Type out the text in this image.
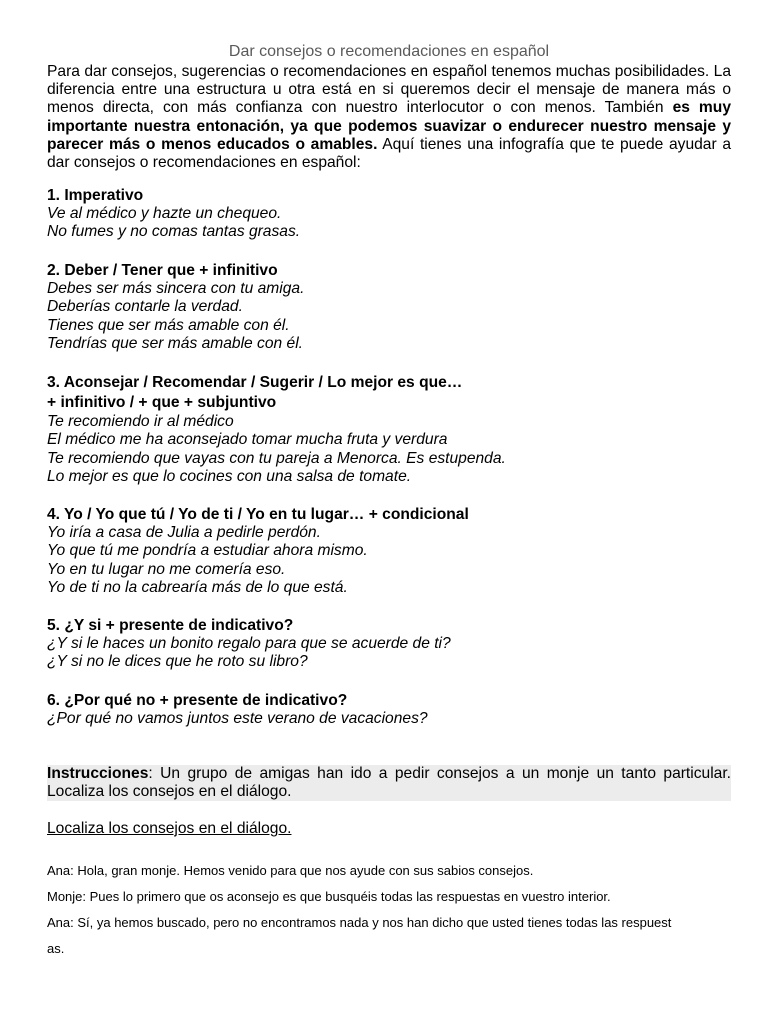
Dar consejos o recomendaciones en español
Para dar consejos, sugerencias o recomendaciones en español tenemos muchas posibilidades. La diferencia entre una estructura u otra está en si queremos decir el mensaje de manera más o menos directa, con más confianza con nuestro interlocutor o con menos. También es muy importante nuestra entonación, ya que podemos suavizar o endurecer nuestro mensaje y parecer más o menos educados o amables. Aquí tienes una infografía que te puede ayudar a dar consejos o recomendaciones en español:
1. Imperativo

Ve al médico y hazte un chequeo.

No fumes y no comas tantas grasas.

2. Deber / Tener que + infinitivo

Debes ser más sincera con tu amiga.

Deberías contarle la verdad.

Tienes que ser más amable con él.

Tendrías que ser más amable con él.

3. Aconsejar / Recomendar / Sugerir / Lo mejor es que…
+ infinitivo / + que + subjuntivo

Te recomiendo ir al médico

El médico me ha aconsejado tomar mucha fruta y verdura

Te recomiendo que vayas con tu pareja a Menorca. Es estupenda.

Lo mejor es que lo cocines con una salsa de tomate.

4. Yo / Yo que tú / Yo de ti / Yo en tu lugar… + condicional

Yo iría a casa de Julia a pedirle perdón.

Yo que tú me pondría a estudiar ahora mismo.

Yo en tu lugar no me comería eso.

Yo de ti no la cabrearía más de lo que está.

5. ¿Y si + presente de indicativo?

¿Y si le haces un bonito regalo para que se acuerde de ti?

¿Y si no le dices que he roto su libro?

6. ¿Por qué no + presente de indicativo?

¿Por qué no vamos juntos este verano de vacaciones?

Instrucciones: Un grupo de amigas han ido a pedir consejos a un monje un tanto particular. Localiza los consejos en el diálogo.
Localiza los consejos en el diálogo.
Ana: Hola, gran monje. Hemos venido para que nos ayude con sus sabios consejos.
Monje: Pues lo primero que os aconsejo es que busquéis todas las respuestas en vuestro interior.
Ana: Sí, ya hemos buscado, pero no encontramos nada y nos han dicho que usted tienes todas las respuest
as.
